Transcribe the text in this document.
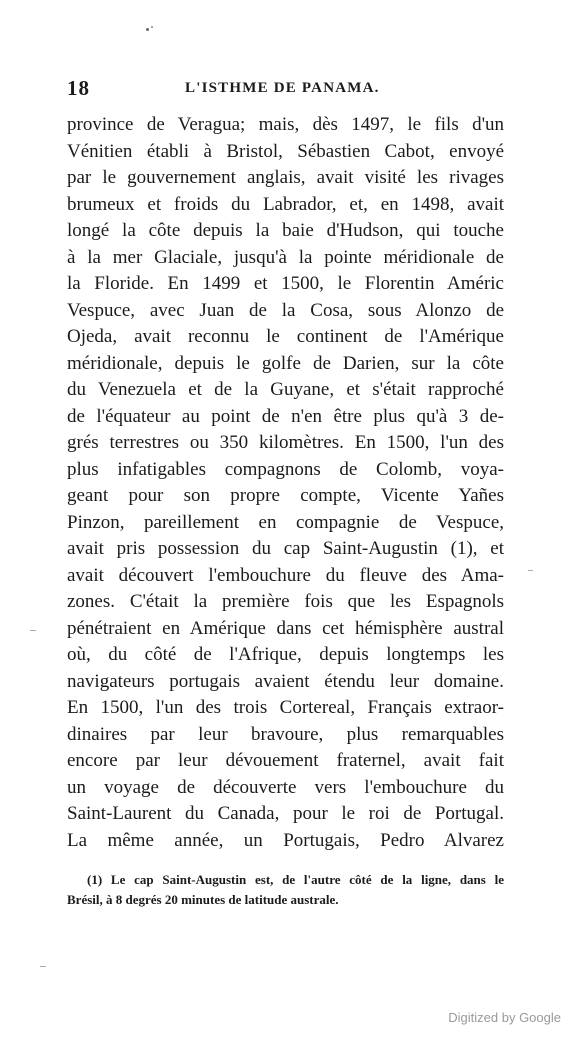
18	L'ISTHME DE PANAMA.
province de Veragua; mais, dès 1497, le fils d'un
Vénitien établi à Bristol, Sébastien Cabot, envoyé
par le gouvernement anglais, avait visité les rivages
brumeux et froids du Labrador, et, en 1498, avait
longé la côte depuis la baie d'Hudson, qui touche
à la mer Glaciale, jusqu'à la pointe méridionale de
la Floride. En 1499 et 1500, le Florentin Améric
Vespuce, avec Juan de la Cosa, sous Alonzo de
Ojeda, avait reconnu le continent de l'Amérique
méridionale, depuis le golfe de Darien, sur la côte
du Venezuela et de la Guyane, et s'était rapproché
de l'équateur au point de n'en être plus qu'à 3 de-
grés terrestres ou 350 kilomètres. En 1500, l'un des
plus infatigables compagnons de Colomb, voya-
geant pour son propre compte, Vicente Yañes
Pinzon, pareillement en compagnie de Vespuce,
avait pris possession du cap Saint-Augustin (1), et
avait découvert l'embouchure du fleuve des Ama-
zones. C'était la première fois que les Espagnols
pénétraient en Amérique dans cet hémisphère austral
où, du côté de l'Afrique, depuis longtemps les
navigateurs portugais avaient étendu leur domaine.
En 1500, l'un des trois Cortereal, Français extraor-
dinaires par leur bravoure, plus remarquables
encore par leur dévouement fraternel, avait fait
un voyage de découverte vers l'embouchure du
Saint-Laurent du Canada, pour le roi de Portugal.
La même année, un Portugais, Pedro Alvarez
(1) Le cap Saint-Augustin est, de l'autre côté de la ligne, dans le
Brésil, à 8 degrés 20 minutes de latitude australe.
Digitized by Google
